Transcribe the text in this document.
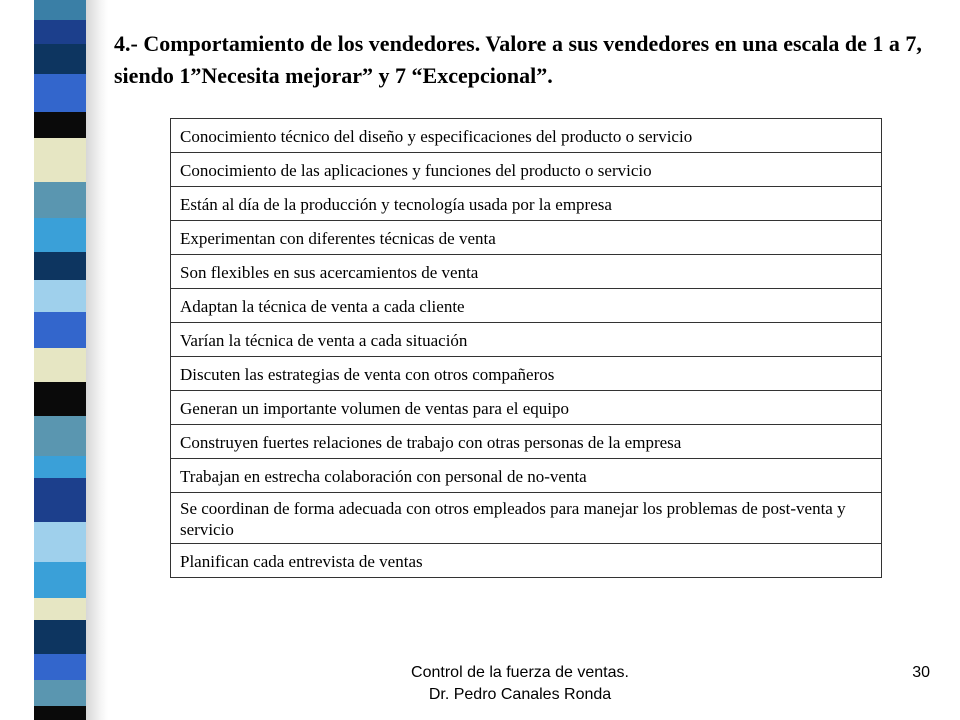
4.- Comportamiento de los vendedores. Valore a sus vendedores en una escala de 1 a 7, siendo 1”Necesita mejorar” y 7 “Excepcional”.
Conocimiento técnico del diseño y especificaciones del producto o servicio
Conocimiento de las aplicaciones y funciones del producto o servicio
Están al día de la producción y tecnología usada por la empresa
Experimentan con diferentes técnicas de venta
Son flexibles en sus acercamientos de venta
Adaptan la técnica de venta a cada cliente
Varían la técnica de venta a cada situación
Discuten las estrategias de venta con otros compañeros
Generan un importante volumen de ventas para el equipo
Construyen fuertes relaciones de trabajo con otras personas de la empresa
Trabajan en estrecha colaboración con personal de no-venta
Se coordinan de forma adecuada con otros empleados para manejar los problemas de post-venta y servicio
Planifican cada entrevista de ventas
Control de la fuerza de ventas.
Dr. Pedro Canales Ronda
30
